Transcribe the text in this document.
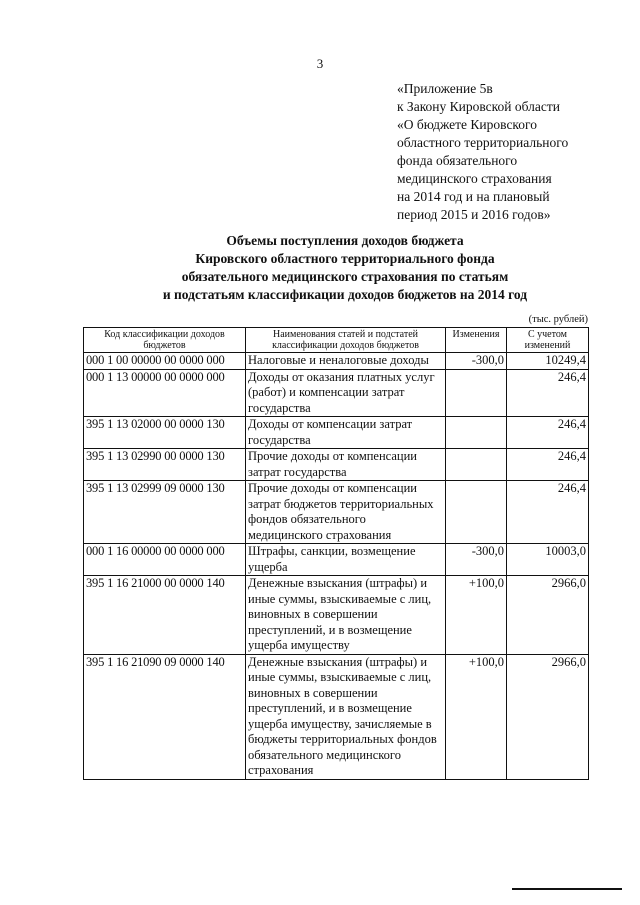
3
«Приложение 5в
к Закону Кировской области
«О бюджете Кировского
областного территориального
фонда обязательного
медицинского страхования
на 2014 год и на плановый
период 2015 и 2016 годов»
Объемы поступления доходов бюджета
Кировского областного территориального фонда
обязательного медицинского страхования по статьям
и подстатьям классификации доходов бюджетов на 2014 год
(тыс. рублей)
Код классификации доходов бюджетов	Наименования статей и подстатей классификации доходов бюджетов	Изменения	С учетом изменений
000 1 00 00000 00 0000 000	Налоговые и неналоговые доходы	-300,0	10249,4
000 1 13 00000 00 0000 000	Доходы от оказания платных услуг (работ) и компенсации затрат государства		246,4
395 1 13 02000 00 0000 130	Доходы от компенсации затрат государства		246,4
395 1 13 02990 00 0000 130	Прочие доходы от компенсации затрат государства		246,4
395 1 13 02999 09 0000 130	Прочие доходы от компенсации затрат бюджетов территориальных фондов обязательного медицинского страхования		246,4
000 1 16 00000 00 0000 000	Штрафы, санкции, возмещение ущерба	-300,0	10003,0
395 1 16 21000 00 0000 140	Денежные взыскания (штрафы) и иные суммы, взыскиваемые с лиц, виновных в совершении преступлений, и в возмещение ущерба имуществу	+100,0	2966,0
395 1 16 21090 09 0000 140	Денежные взыскания (штрафы) и иные суммы, взыскиваемые с лиц, виновных в совершении преступлений, и в возмещение ущерба имуществу, зачисляемые в бюджеты территориальных фондов обязательного медицинского страхования	+100,0	2966,0
